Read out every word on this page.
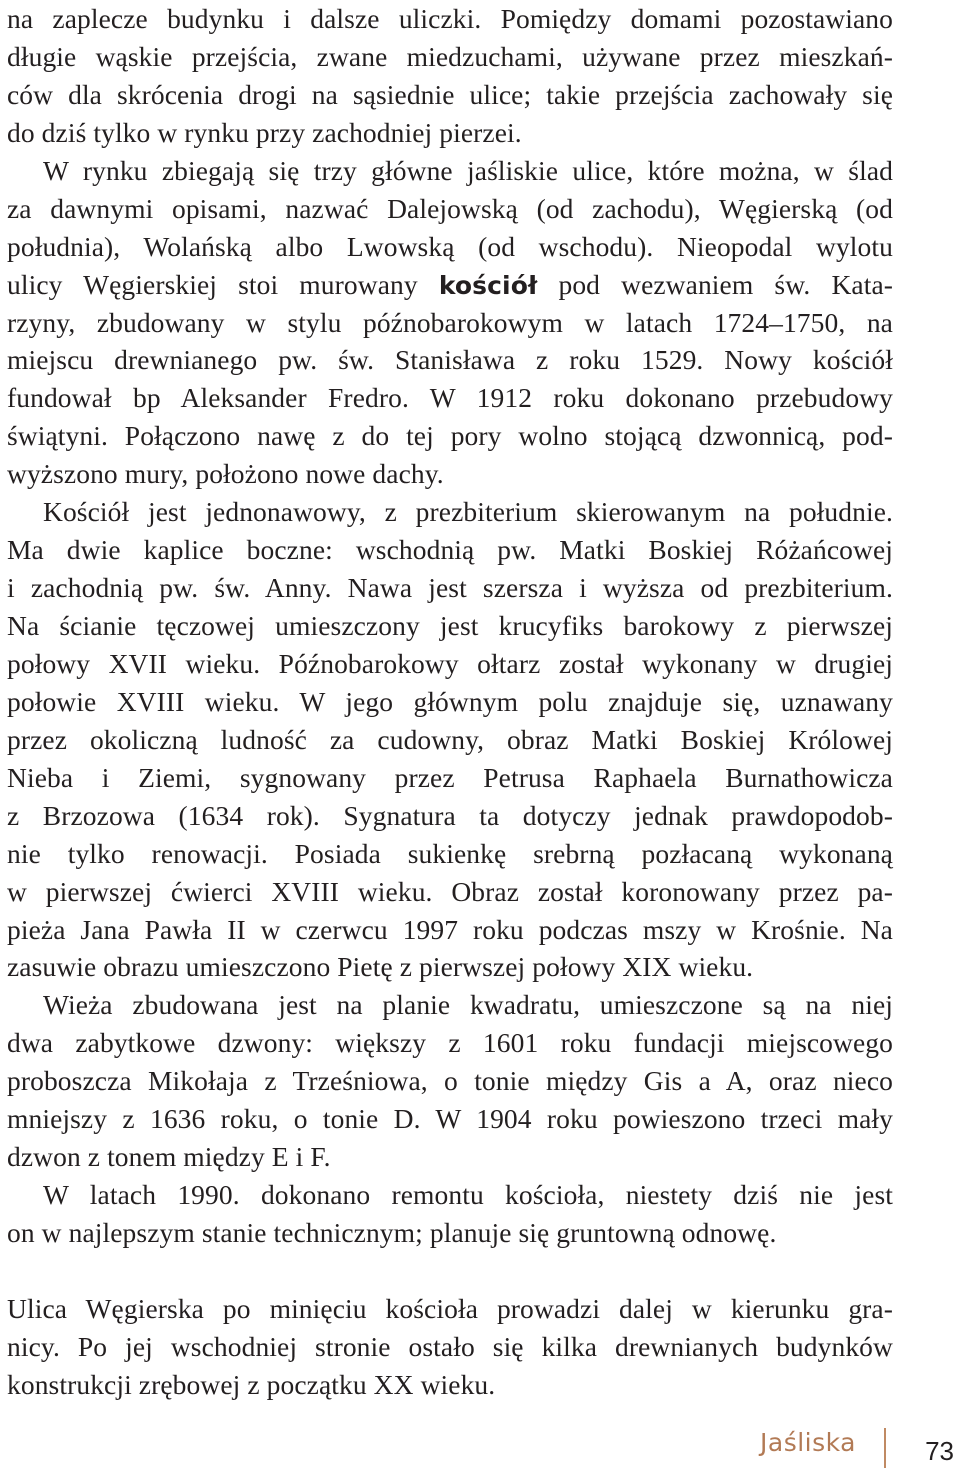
na zaplecze budynku i dalsze uliczki. Pomiędzy domami pozostawiano
długie wąskie przejścia, zwane miedzuchami, używane przez mieszkań-
ców dla skrócenia drogi na sąsiednie ulice; takie przejścia zachowały się
do dziś tylko w rynku przy zachodniej pierzei.
W rynku zbiegają się trzy główne jaśliskie ulice, które można, w ślad
za dawnymi opisami, nazwać Dalejowską (od zachodu), Węgierską (od
południa), Wolańską albo Lwowską (od wschodu). Nieopodal wylotu
ulicy Węgierskiej stoi murowany kościół pod wezwaniem św. Kata-
rzyny, zbudowany w stylu późnobarokowym w latach 1724–1750, na
miejscu drewnianego pw. św. Stanisława z roku 1529. Nowy kościół
fundował bp Aleksander Fredro. W 1912 roku dokonano przebudowy
świątyni. Połączono nawę z do tej pory wolno stojącą dzwonnicą, pod-
wyższono mury, położono nowe dachy.
Kościół jest jednonawowy, z prezbiterium skierowanym na południe.
Ma dwie kaplice boczne: wschodnią pw. Matki Boskiej Różańcowej
i zachodnią pw. św. Anny. Nawa jest szersza i wyższa od prezbiterium.
Na ścianie tęczowej umieszczony jest krucyfiks barokowy z pierwszej
połowy XVII wieku. Późnobarokowy ołtarz został wykonany w drugiej
połowie XVIII wieku. W jego głównym polu znajduje się, uznawany
przez okoliczną ludność za cudowny, obraz Matki Boskiej Królowej
Nieba i Ziemi, sygnowany przez Petrusa Raphaela Burnathowicza
z Brzozowa (1634 rok). Sygnatura ta dotyczy jednak prawdopodob-
nie tylko renowacji. Posiada sukienkę srebrną pozłacaną wykonaną
w pierwszej ćwierci XVIII wieku. Obraz został koronowany przez pa-
pieża Jana Pawła II w czerwcu 1997 roku podczas mszy w Krośnie. Na
zasuwie obrazu umieszczono Pietę z pierwszej połowy XIX wieku.
Wieża zbudowana jest na planie kwadratu, umieszczone są na niej
dwa zabytkowe dzwony: większy z 1601 roku fundacji miejscowego
proboszcza Mikołaja z Trześniowa, o tonie między Gis a A, oraz nieco
mniejszy z 1636 roku, o tonie D. W 1904 roku powieszono trzeci mały
dzwon z tonem między E i F.
W latach 1990. dokonano remontu kościoła, niestety dziś nie jest
on w najlepszym stanie technicznym; planuje się gruntowną odnowę.
Ulica Węgierska po minięciu kościoła prowadzi dalej w kierunku gra-
nicy. Po jej wschodniej stronie ostało się kilka drewnianych budynków
konstrukcji zrębowej z początku XX wieku.
Jaśliska	73
